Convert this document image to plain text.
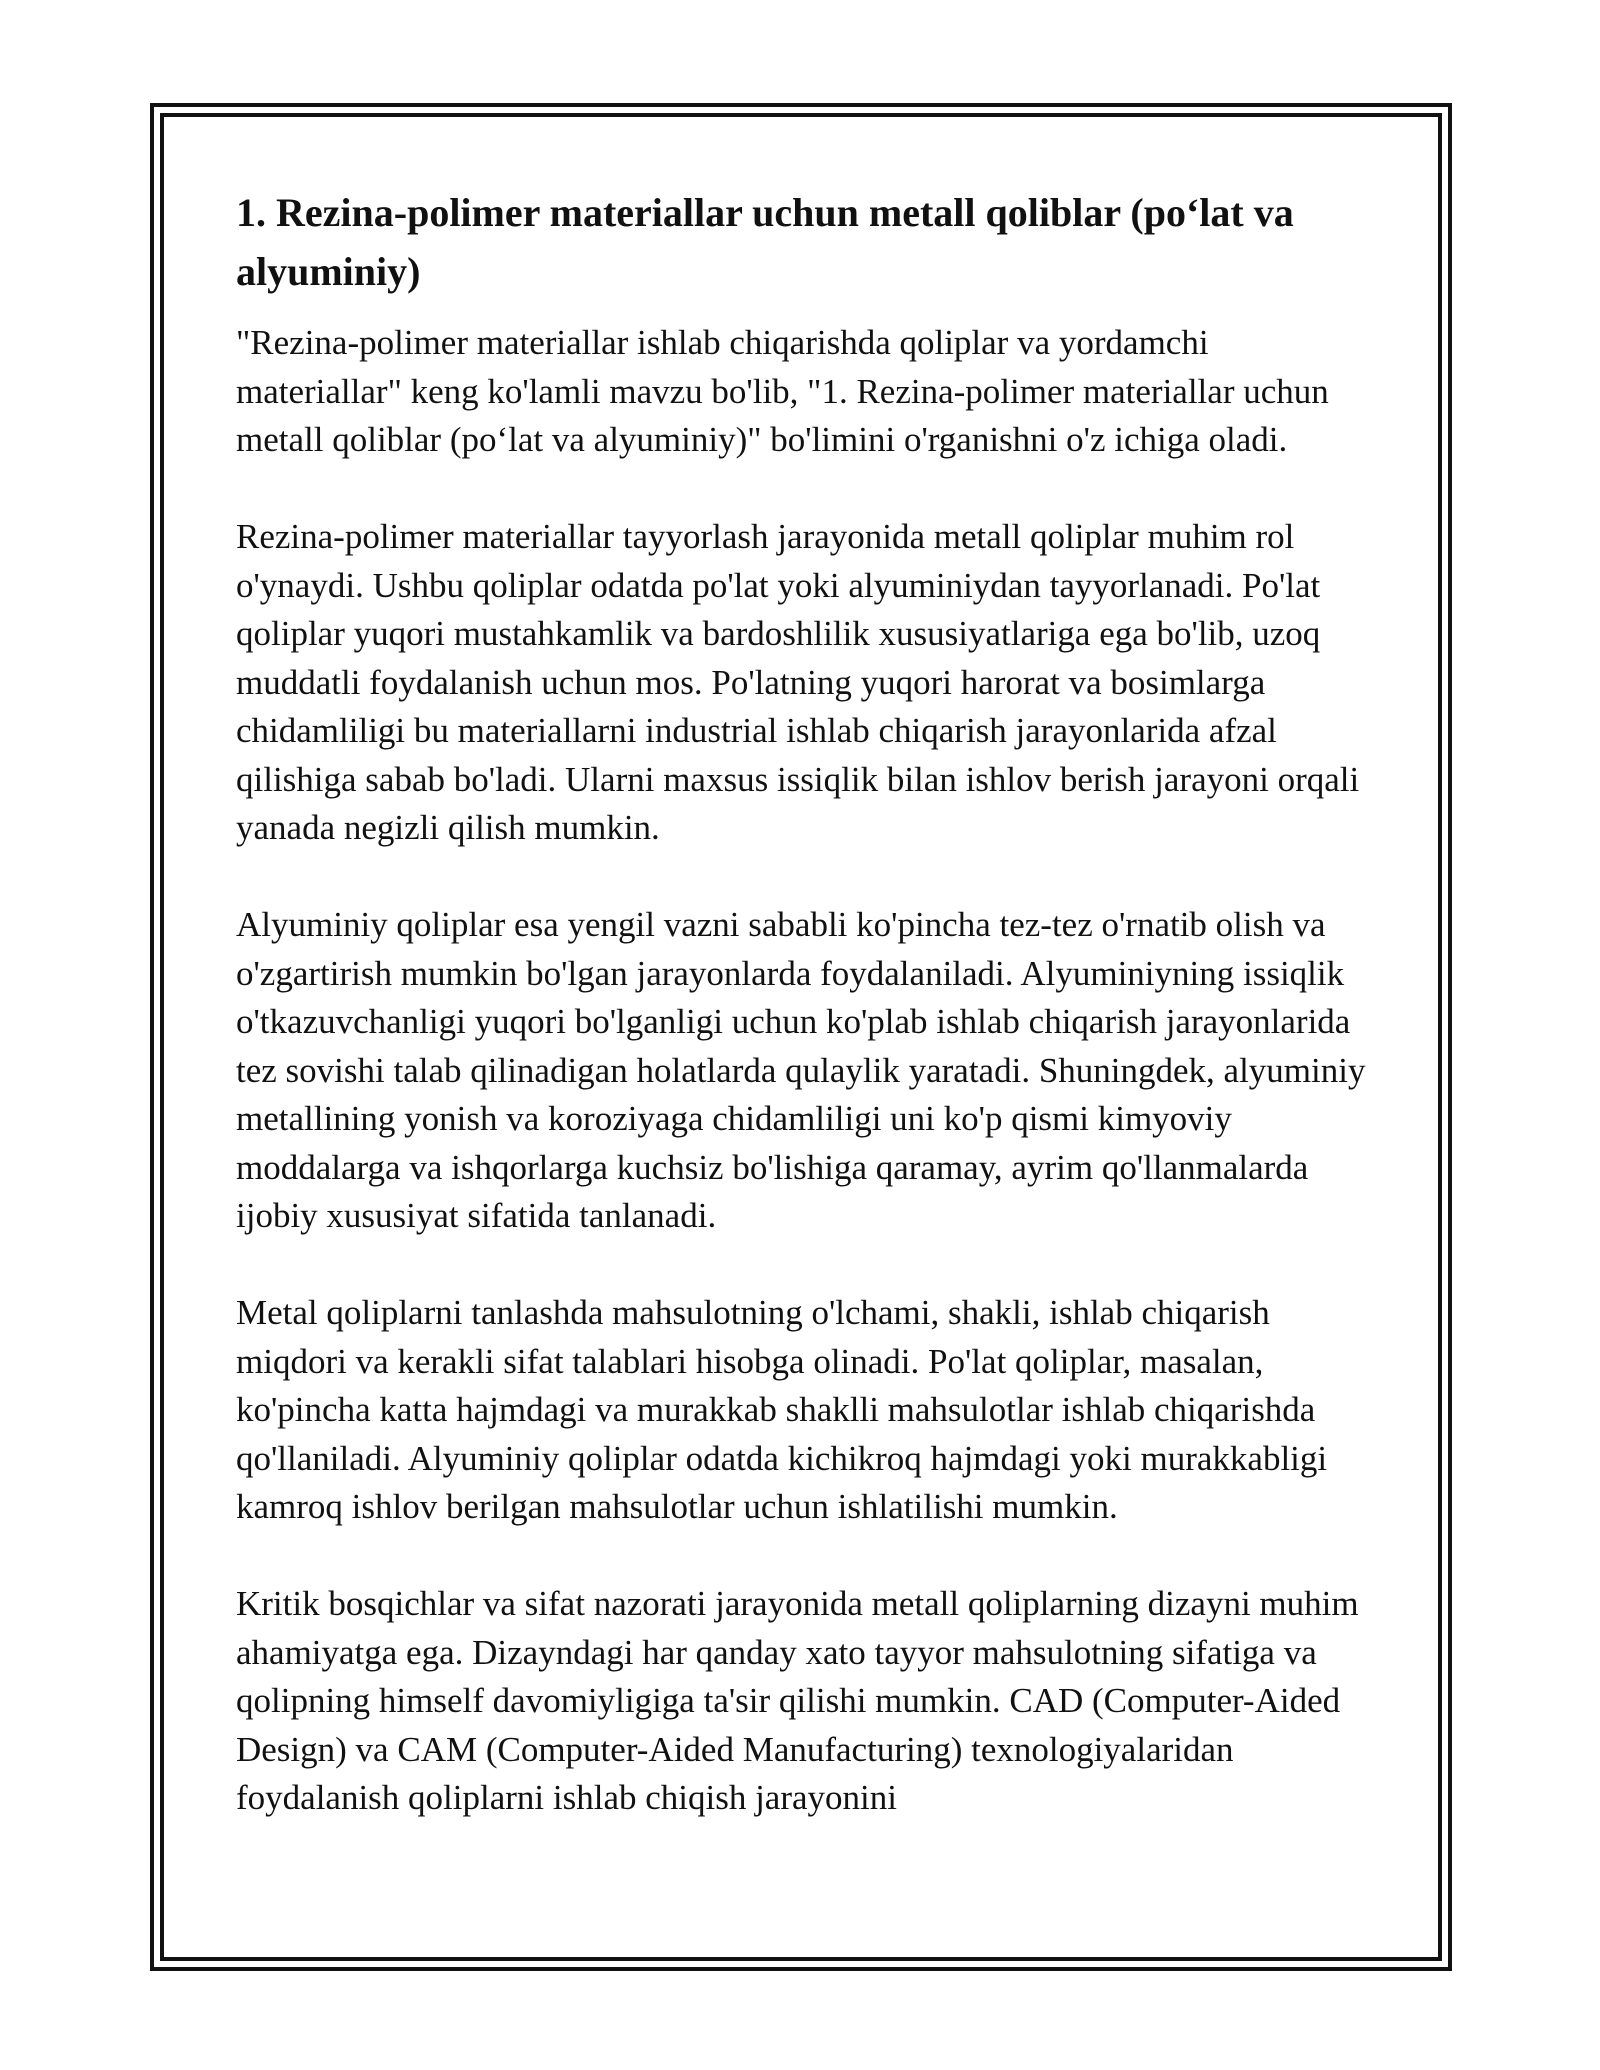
1. Rezina-polimer materiallar uchun metall qoliblar (po‘lat va alyuminiy)

"Rezina-polimer materiallar ishlab chiqarishda qoliplar va yordamchi materiallar" keng ko'lamli mavzu bo'lib, "1. Rezina-polimer materiallar uchun metall qoliblar (po‘lat va alyuminiy)" bo'limini o'rganishni o'z ichiga oladi.

Rezina-polimer materiallar tayyorlash jarayonida metall qoliplar muhim rol o'ynaydi. Ushbu qoliplar odatda po'lat yoki alyuminiydan tayyorlanadi. Po'lat qoliplar yuqori mustahkamlik va bardoshlilik xususiyatlariga ega bo'lib, uzoq muddatli foydalanish uchun mos. Po'latning yuqori harorat va bosimlarga chidamliligi bu materiallarni industrial ishlab chiqarish jarayonlarida afzal qilishiga sabab bo'ladi. Ularni maxsus issiqlik bilan ishlov berish jarayoni orqali yanada negizli qilish mumkin.

Alyuminiy qoliplar esa yengil vazni sababli ko'pincha tez-tez o'rnatib olish va o'zgartirish mumkin bo'lgan jarayonlarda foydalaniladi. Alyuminiyning issiqlik o'tkazuvchanligi yuqori bo'lganligi uchun ko'plab ishlab chiqarish jarayonlarida tez sovishi talab qilinadigan holatlarda qulaylik yaratadi. Shuningdek, alyuminiy metallining yonish va koroziyaga chidamliligi uni ko'p qismi kimyoviy moddalarga va ishqorlarga kuchsiz bo'lishiga qaramay, ayrim qo'llanmalarda ijobiy xususiyat sifatida tanlanadi.

Metal qoliplarni tanlashda mahsulotning o'lchami, shakli, ishlab chiqarish miqdori va kerakli sifat talablari hisobga olinadi. Po'lat qoliplar, masalan, ko'pincha katta hajmdagi va murakkab shaklli mahsulotlar ishlab chiqarishda qo'llaniladi. Alyuminiy qoliplar odatda kichikroq hajmdagi yoki murakkabligi kamroq ishlov berilgan mahsulotlar uchun ishlatilishi mumkin.

Kritik bosqichlar va sifat nazorati jarayonida metall qoliplarning dizayni muhim ahamiyatga ega. Dizayndagi har qanday xato tayyor mahsulotning sifatiga va qolipning himself davomiyligiga ta'sir qilishi mumkin. CAD (Computer-Aided Design) va CAM (Computer-Aided Manufacturing) texnologiyalaridan foydalanish qoliplarni ishlab chiqish jarayonini
